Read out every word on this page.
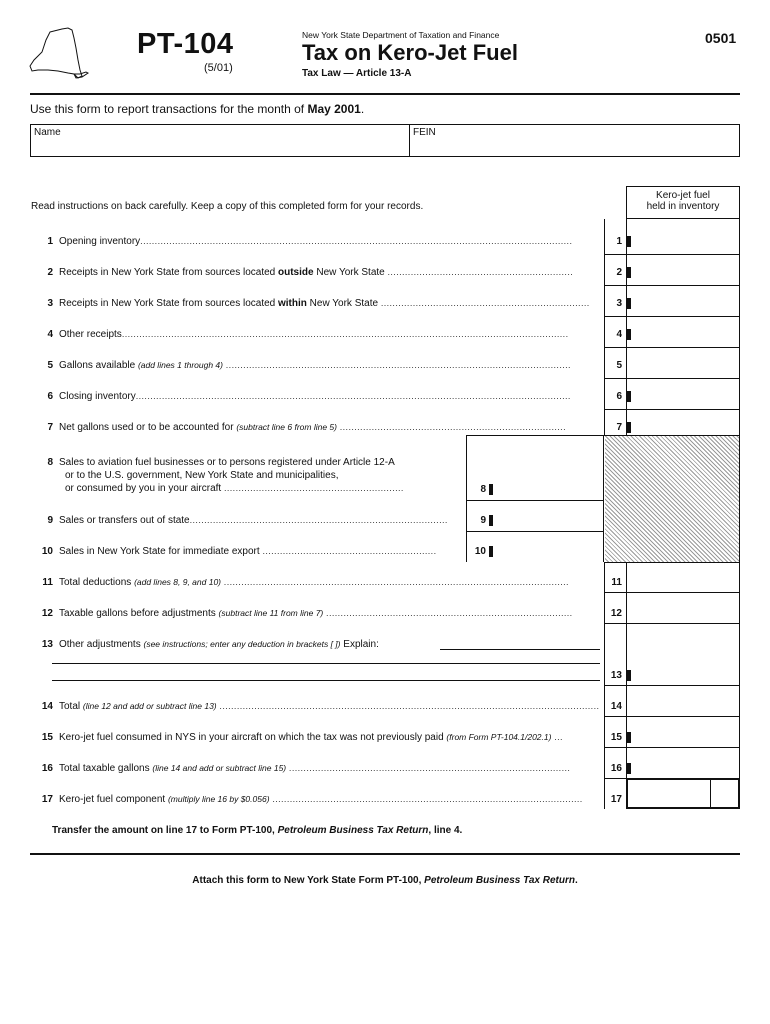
PT-104
(5/01)
New York State Department of Taxation and Finance
Tax on Kero-Jet Fuel
Tax Law — Article 13-A
0501
Use this form to report transactions for the month of May 2001.
Name	FEIN
Read instructions on back carefully. Keep a copy of this completed form for your records.
Kero-jet fuel
held in inventory
1 Opening inventory.....................................................................................................................................................	1
2 Receipts in New York State from sources located outside New York State ................................................................	2
3 Receipts in New York State from sources located within New York State ........................................................................	3
4 Other receipts..........................................................................................................................................................	4
5 Gallons available (add lines 1 through 4) .......................................................................................................................	5
6 Closing inventory......................................................................................................................................................	6
7 Net gallons used or to be accounted for (subtract line 6 from line 5) ..............................................................................	7
8 Sales to aviation fuel businesses or to persons registered under Article 12-A
or to the U.S. government, New York State and municipalities,
or consumed by you in your aircraft ..............................................................	8
9 Sales or transfers out of state.........................................................................................	9
10 Sales in New York State for immediate export ............................................................	10
11 Total deductions (add lines 8, 9, and 10) .......................................................................................................................	11
12 Taxable gallons before adjustments (subtract line 11 from line 7) .....................................................................................	12
13 Other adjustments (see instructions; enter any deduction in brackets [ ]) Explain:
13
14 Total (line 12 and add or subtract line 13) ...................................................................................................................................	14
15 Kero-jet fuel consumed in NYS in your aircraft on which the tax was not previously paid (from Form PT-104.1/202.1) ...	15
16 Total taxable gallons (line 14 and add or subtract line 15) .................................................................................................	16
17 Kero-jet fuel component (multiply line 16 by $0.056) ...........................................................................................................	17
Transfer the amount on line 17 to Form PT-100, Petroleum Business Tax Return, line 4.
Attach this form to New York State Form PT-100, Petroleum Business Tax Return.
